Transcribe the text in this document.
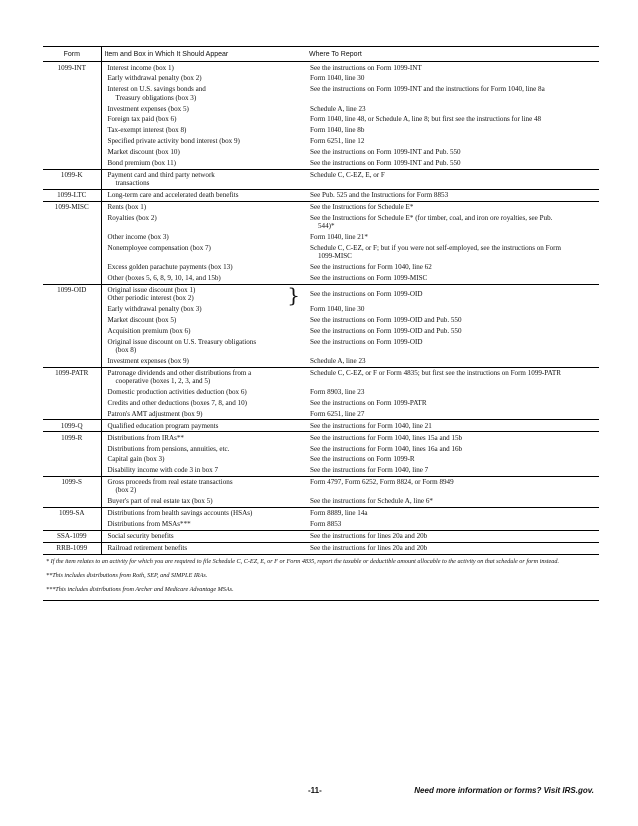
Form	Item and Box in Which It Should Appear	Where To Report
1099-INT	Interest income (box 1)	See the instructions on Form 1099-INT

	Early withdrawal penalty (box 2)	Form 1040, line 30

	Interest on U.S. savings bonds and
Treasury obligations (box 3)	See the instructions on Form 1099-INT and the instructions for Form 1040, line 8a

	Investment expenses (box 5)	Schedule A, line 23

	Foreign tax paid (box 6)	Form 1040, line 48, or Schedule A, line 8; but first see the instructions for line 48

	Tax-exempt interest (box 8)	Form 1040, line 8b

	Specified private activity bond interest (box 9)	Form 6251, line 12

	Market discount (box 10)	See the instructions on Form 1099-INT and Pub. 550

	Bond premium (box 11)	See the instructions on Form 1099-INT and Pub. 550

1099-K	Payment card and third party network
transactions	Schedule C, C-EZ, E, or F

1099-LTC	Long-term care and accelerated death benefits	See Pub. 525 and the Instructions for Form 8853

1099-MISC	Rents (box 1)	See the Instructions for Schedule E*

	Royalties (box 2)	See the Instructions for Schedule E* (for timber, coal, and iron ore royalties, see Pub.
544)*

	Other income (box 3)	Form 1040, line 21*

	Nonemployee compensation (box 7)	Schedule C, C-EZ, or F; but if you were not self-employed, see the instructions on Form
1099-MISC

	Excess golden parachute payments (box 13)	See the instructions for Form 1040, line 62

	Other (boxes 5, 6, 8, 9, 10, 14, and 15b)	See the instructions on Form 1099-MISC

1099-OID	Original issue discount (box 1)
Other periodic interest (box 2) }	See the instructions on Form 1099-OID

	Early withdrawal penalty (box 3)	Form 1040, line 30

	Market discount (box 5)	See the instructions on Form 1099-OID and Pub. 550

	Acquisition premium (box 6)	See the instructions on Form 1099-OID and Pub. 550

	Original issue discount on U.S. Treasury obligations
(box 8)	See the instructions on Form 1099-OID

	Investment expenses (box 9)	Schedule A, line 23

1099-PATR	Patronage dividends and other distributions from a
cooperative (boxes 1, 2, 3, and 5)	Schedule C, C-EZ, or F or Form 4835; but first see the instructions on Form 1099-PATR

	Domestic production activities deduction (box 6)	Form 8903, line 23

	Credits and other deductions (boxes 7, 8, and 10)	See the instructions on Form 1099-PATR

	Patron's AMT adjustment (box 9)	Form 6251, line 27

1099-Q	Qualified education program payments	See the instructions for Form 1040, line 21

1099-R	Distributions from IRAs**	See the instructions for Form 1040, lines 15a and 15b

	Distributions from pensions, annuities, etc.	See the instructions for Form 1040, lines 16a and 16b

	Capital gain (box 3)	See the instructions on Form 1099-R

	Disability income with code 3 in box 7	See the instructions for Form 1040, line 7

1099-S	Gross proceeds from real estate transactions
(box 2)	Form 4797, Form 6252, Form 8824, or Form 8949

	Buyer's part of real estate tax (box 5)	See the instructions for Schedule A, line 6*

1099-SA	Distributions from health savings accounts (HSAs)	Form 8889, line 14a

	Distributions from MSAs***	Form 8853

SSA-1099	Social security benefits	See the instructions for lines 20a and 20b

RRB-1099	Railroad retirement benefits	See the instructions for lines 20a and 20b

* If the item relates to an activity for which you are required to file Schedule C, C-EZ, E, or F or Form 4835, report the taxable or deductible amount allocable to the activity on that schedule or form instead.

**This includes distributions from Roth, SEP, and SIMPLE IRAs.

***This includes distributions from Archer and Medicare Advantage MSAs.

-11-	Need more information or forms? Visit IRS.gov.
